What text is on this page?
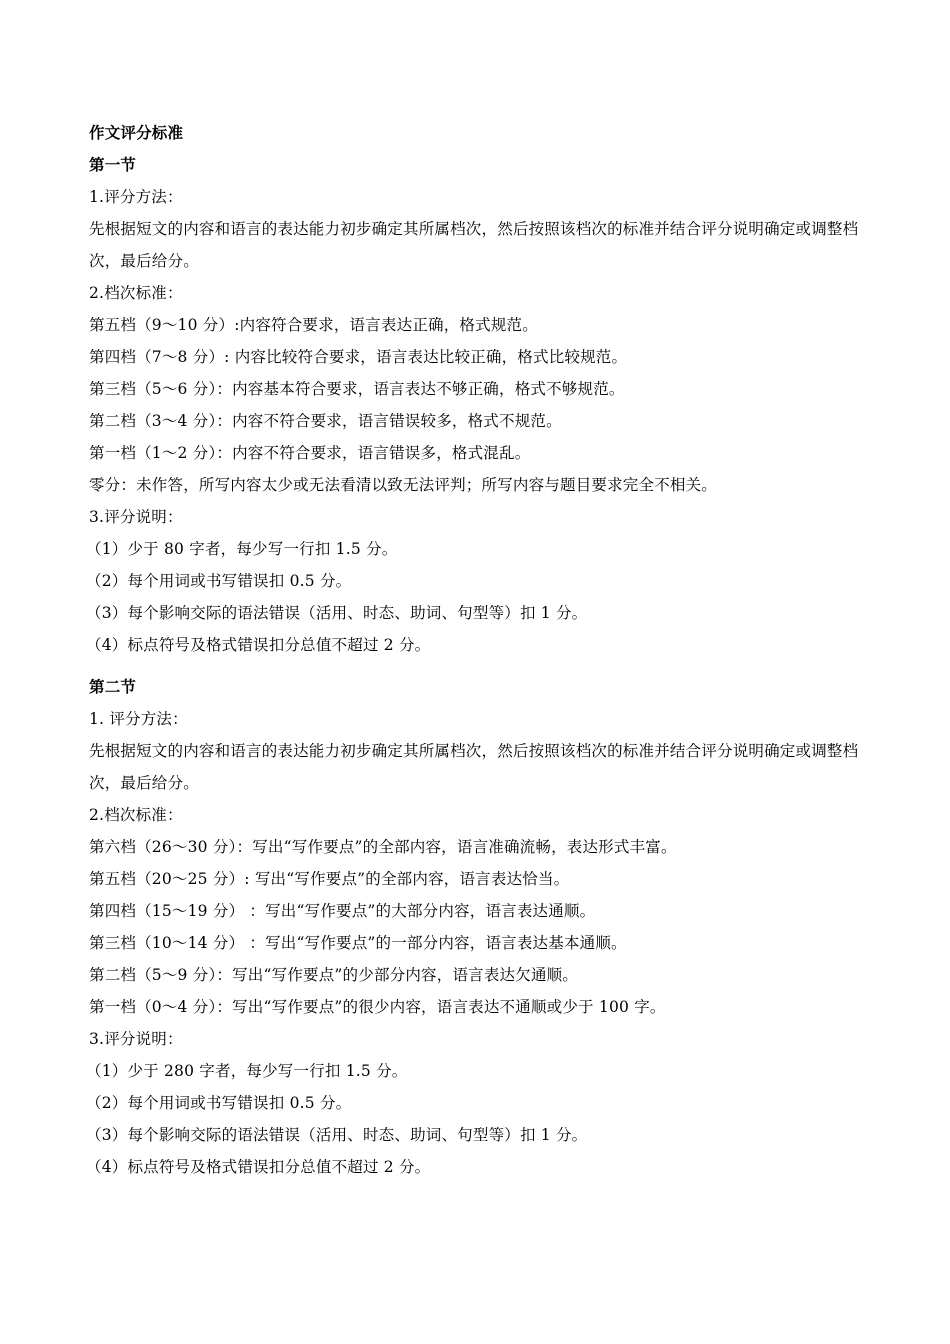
作文评分标准
第一节
1.评分方法：
先根据短文的内容和语言的表达能力初步确定其所属档次，然后按照该档次的标准并结合评分说明确定或调整档次，最后给分。
2.档次标准：
第五档（9～10 分）:内容符合要求，语言表达正确，格式规范。
第四档（7～8 分）: 内容比较符合要求，语言表达比较正确，格式比较规范。
第三档（5～6 分）：内容基本符合要求，语言表达不够正确，格式不够规范。
第二档（3～4 分）：内容不符合要求，语言错误较多，格式不规范。
第一档（1～2 分）：内容不符合要求，语言错误多，格式混乱。
零分：未作答，所写内容太少或无法看清以致无法评判；所写内容与题目要求完全不相关。
3.评分说明：
（1）少于 80 字者，每少写一行扣 1.5 分。
（2）每个用词或书写错误扣 0.5 分。
（3）每个影响交际的语法错误（活用、时态、助词、句型等）扣 1 分。
（4）标点符号及格式错误扣分总值不超过 2 分。
第二节
1. 评分方法：
先根据短文的内容和语言的表达能力初步确定其所属档次，然后按照该档次的标准并结合评分说明确定或调整档次，最后给分。
2.档次标准：
第六档（26～30 分）：写出“写作要点”的全部内容，语言准确流畅，表达形式丰富。
第五档（20～25 分）: 写出“写作要点”的全部内容，语言表达恰当。
第四档（15～19 分） ：写出“写作要点”的大部分内容，语言表达通顺。
第三档（10～14 分） ：写出“写作要点”的一部分内容，语言表达基本通顺。
第二档（5～9 分）：写出“写作要点”的少部分内容，语言表达欠通顺。
第一档（0～4 分）：写出“写作要点”的很少内容，语言表达不通顺或少于 100 字。
3.评分说明：
（1）少于 280 字者，每少写一行扣 1.5 分。
（2）每个用词或书写错误扣 0.5 分。
（3）每个影响交际的语法错误（活用、时态、助词、句型等）扣 1 分。
（4）标点符号及格式错误扣分总值不超过 2 分。
